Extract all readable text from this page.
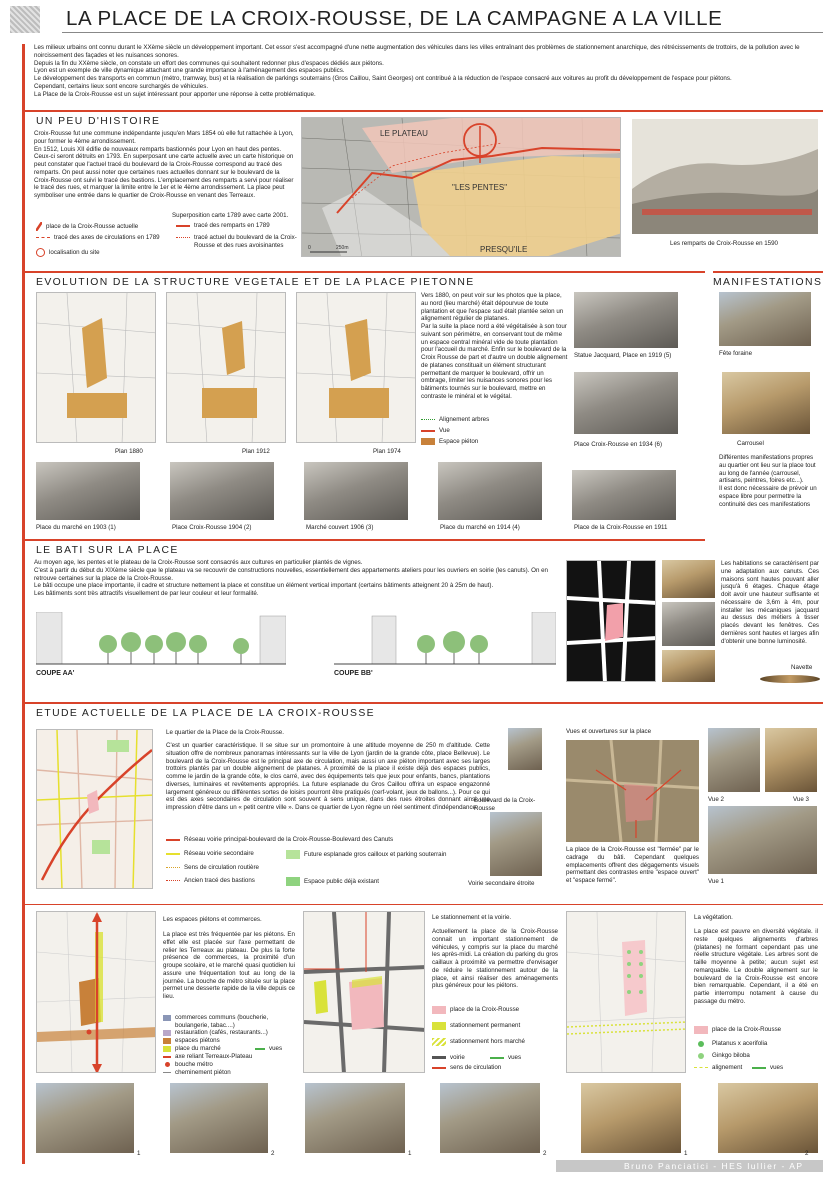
LA PLACE DE LA CROIX-ROUSSE, DE LA CAMPAGNE A LA VILLE

Les milieux urbains ont connu durant le XXème siècle un développement important. Cet essor s'est accompagné d'une nette augmentation des véhicules dans les villes entraînant des problèmes de stationnement anarchique, des rétrécissements de trottoirs, de la pollution avec le noircissement des façades et les nuisances sonores.

Depuis la fin du XXème siècle, on constate un effort des communes qui souhaitent redonner plus d'espaces dédiés aux piétons.

Lyon est un exemple de ville dynamique attachant une grande importance à l'aménagement des espaces publics.

Le développement des transports en commun (métro, tramway, bus) et la réalisation de parkings souterrains (Gros Caillou, Saint Georges) ont contribué à la réduction de l'espace consacré aux voitures au profit du développement de l'espace pour piétons.

Cependant, certains lieux sont encore surchargés de véhicules.

La Place de la Croix-Rousse est un sujet intéressant pour apporter une réponse à cette problématique.

UN PEU D'HISTOIRE
Croix-Rousse fut une commune indépendante jusqu'en Mars 1854 où elle fut rattachée à Lyon, pour former le 4ème arrondissement.
En 1512, Louis XII édifie de nouveaux remparts bastionnés pour Lyon en haut des pentes. Ceux-ci seront détruits en 1793. En superposant une carte actuelle avec un carte historique on peut constater que l'actuel tracé du boulevard de la Croix-Rousse correspond au tracé des remparts. On peut aussi noter que certaines rues actuelles donnant sur le boulevard de la Croix-Rousse ont suivi le tracé des bastions. L'emplacement des remparts a servi pour réaliser le tracé des rues, et marquer la limite entre le 1er et le 4ème arrondissement. La place peut symboliser une entrée dans le quartier de Croix-Rousse en venant des Terreaux.
Superposition carte 1789 avec carte 2001.
place de la Croix-Rousse actuelle	tracé des remparts en 1789
tracé des axes de circulations en 1789	tracé actuel du boulevard de la Croix-Rousse et des rues avoisinantes
localisation du site
LE PLATEAU
"LES PENTES"
PRESQU'ILE
0	250m
Les remparts de Croix-Rousse en 1590
EVOLUTION DE LA STRUCTURE VEGETALE ET DE LA PLACE PIETONNE
Plan 1880	Plan 1912	Plan 1974
Vers 1880, on peut voir sur les photos que la place, au nord (lieu marché) était dépourvue de toute plantation et que l'espace sud était plantée selon un alignement régulier de platanes.
Par la suite la place nord a été végétalisée à son tour suivant son périmètre, en conservant tout de même un espace central minéral vide de toute plantation pour l'accueil du marché. Enfin sur le boulevard de la Croix Rousse de part et d'autre un double alignement de platanes constituait un élément structurant permettant de marquer le boulevard, offrir un ombrage, limiter les nuisances sonores pour les bâtiments tournés sur le boulevard, mettre en contraste le minéral et le végétal.
Alignement arbres
Vue
Espace piéton
Statue Jacquard, Place en 1919 (5)
Place Croix-Rousse en 1934 (6)
Place du marché en 1903 (1)	Place Croix-Rousse 1904 (2)	Marché couvert 1906 (3)	Place du marché en 1914 (4)	Place de la Croix-Rousse en 1911
MANIFESTATIONS
Fête foraine
Carrousel
Différentes manifestations propres au quartier ont lieu sur la place tout au long de l'année (carrousel, artisans, peintres, foires etc...).
Il est donc nécessaire de prévoir un espace libre pour permettre la continuité des ces manifestations
LE BATI SUR LA PLACE
Au moyen age, les pentes et le plateau de la Croix-Rousse sont consacrés aux cultures en particulier plantés de vignes.
C'est à partir du début du XIXème siècle que le plateau va se recouvrir de constructions nouvelles, essentiellement des appartements ateliers pour les ouvriers en soirie (les canuts). On en retrouve certaines sur la place de la Croix-Rousse.
Le bâti occupe une place importante, il cadre et structure nettement la place et constitue un élément vertical important (certains bâtiments atteignent 20 à 25m de haut).
Les bâtiments sont très attractifs visuellement de par leur couleur et leur formalité.
COUPE AA'	COUPE BB'
Les habitations se caractérisent par une adaptation aux canuts. Ces maisons sont hautes pouvant aller jusqu'à 6 étages. Chaque étage doit avoir une hauteur suffisante et nécessaire de 3,6m à 4m, pour installer les mécaniques jacquard au dessus des métiers à tisser placés devant les fenêtres. Ces dernières sont hautes et larges afin d'obtenir une bonne luminosité.
Navette
ETUDE ACTUELLE DE LA PLACE DE LA CROIX-ROUSSE
Le quartier de la Place de la Croix-Rousse.
C'est un quartier caractéristique. Il se situe sur un promontoire à une altitude moyenne de 250 m d'altitude. Cette situation offre de nombreux panoramas intéressants sur la ville de Lyon (jardin de la grande côte, place Bellevue). Le boulevard de la Croix-Rousse est le principal axe de circulation, mais aussi un axe piéton important avec ses larges trottoirs plantés par un double alignement de platanes. A proximité de la place il existe déjà des espaces publics, comme le jardin de la grande côte, le clos carré, avec des équipements tels que jeux pour enfants, bancs, plantations diverses, luminaires et revêtements appropriés. La future esplanade du Gros Caillou offrira un espace engazonné largement généreux ou différentes sortes de loisirs pourront être pratiqués (cerf-volant, jeux de ballons...). Pour ce qui est des axes secondaires de circulation sont souvent à sens unique, dans des rues étroites donnant ainsi une impression d'être dans un « petit centre ville ». Dans ce quartier de Lyon règne un réel sentiment d'indépendance.
Réseau voirie principal-boulevard de la Croix-Rousse-Boulevard des Canuts
Réseau voirie secondaire	Future esplanade gros cailloux et parking souterrain
Sens de circulation routière
Ancien tracé des bastions	Espace public déjà existant
Boulevard de la Croix-Rousse
Voirie secondaire étroite
Vues et ouvertures sur la place
La place de la Croix-Rousse est "fermée" par le cadrage du bâti. Cependant quelques emplacements offrent des dégagements visuels permettant des contrastes entre "espace ouvert" et "espace fermé".
Vue 2	Vue 3
Vue 1
Les espaces piétons et commerces.
La place est très fréquentée par les piétons. En effet elle est placée sur l'axe permettant de relier les Terreaux au plateau. De plus la forte présence de commerces, la proximité d'un groupe scolaire, et le marché quasi quotidien lui assure une fréquentation tout au long de la journée. La bouche de métro située sur la place permet une desserte rapide de la ville depuis ce lieu.
commerces communs (boucherie, boulangerie, tabac....)
restauration (cafés, restaurants...)
espaces piétons
place du marché	vues
axe reliant Terreaux-Plateau
bouche métro
cheminement piéton
Le stationnement et la voirie.
Actuellement la place de la Croix-Rousse connait un important stationnement de véhicules, y compris sur la place du marché les après-midi. La création du parking du gros caillaux à proximité va permettre d'envisager de réduire le stationnement autour de la place, et ainsi réaliser des aménagements plus généreux pour les piétons.
place de la Croix-Rousse
stationnement permanent
stationnement hors marché
voirie	vues
sens de circulation
La végétation.
La place est pauvre en diversité végétale. il reste quelques alignements d'arbres (platanes) ne formant cependant pas une réelle structure végétale. Les arbres sont de taille moyenne à petite; aucun sujet est remarquable. Le double alignement sur le boulevard de la Croix-Rousse est encore bien remarquable. Cependant, il a été en partie interrompu notament à cause du passage du métro.
place de la Croix-Rousse
Platanus x acerifolia
Ginkgo biloba
alignement	vues
1	2	1	2	1	2
Bruno Panciatici - HES lullier - AP
